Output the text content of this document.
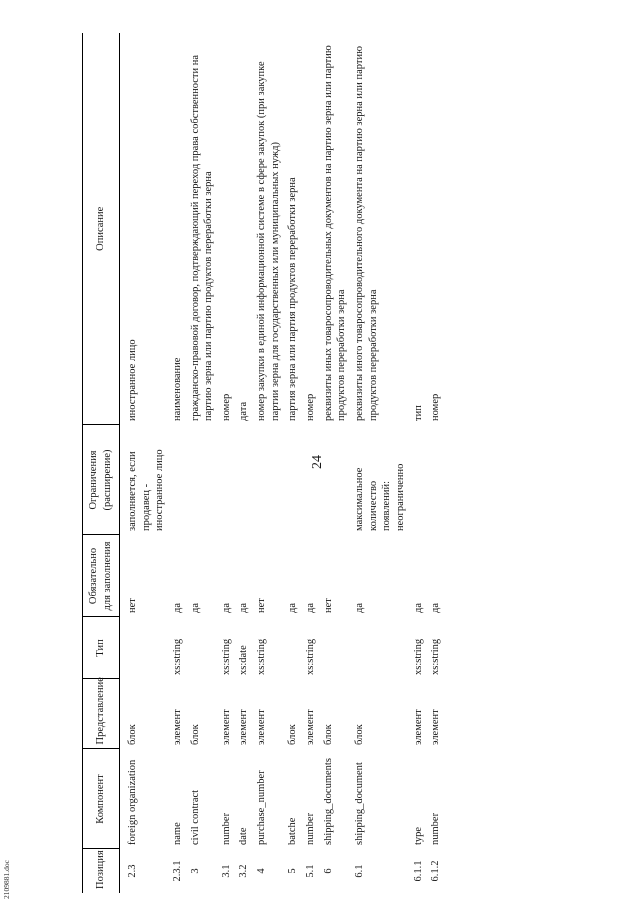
2109881.doc
24
Позиция	Компонент	Представление	Тип	Обязательно для заполнения	Ограничения (расширение)	Описание
2.3	foreign organization	блок		нет	заполняется, если продавец - иностранное лицо	иностранное лицо
2.3.1	name	элемент	xs:string	да		наименование
3	civil contract	блок		да		гражданско-правовой договор, подтверждающий переход права собственности на партию зерна или партию продуктов переработки зерна
3.1	number	элемент	xs:string	да		номер
3.2	date	элемент	xs:date	да		дата
4	purchase_number	элемент	xs:string	нет		номер закупки в единой информационной системе в сфере закупок (при закупке партии зерна для государственных или муниципальных нужд)
5	batche	блок		да		партия зерна или партия продуктов переработки зерна
5.1	number	элемент	xs:string	да		номер
6	shipping_documents	блок		нет		реквизиты иных товаросопроводительных документов на партию зерна или партию продуктов переработки зерна
6.1	shipping_document	блок		да	максимальное количество появлений: неограниченно	реквизиты иного товаросопроводительного документа на партию зерна или партию продуктов переработки зерна
6.1.1	type	элемент	xs:string	да		тип
6.1.2	number	элемент	xs:string	да		номер
